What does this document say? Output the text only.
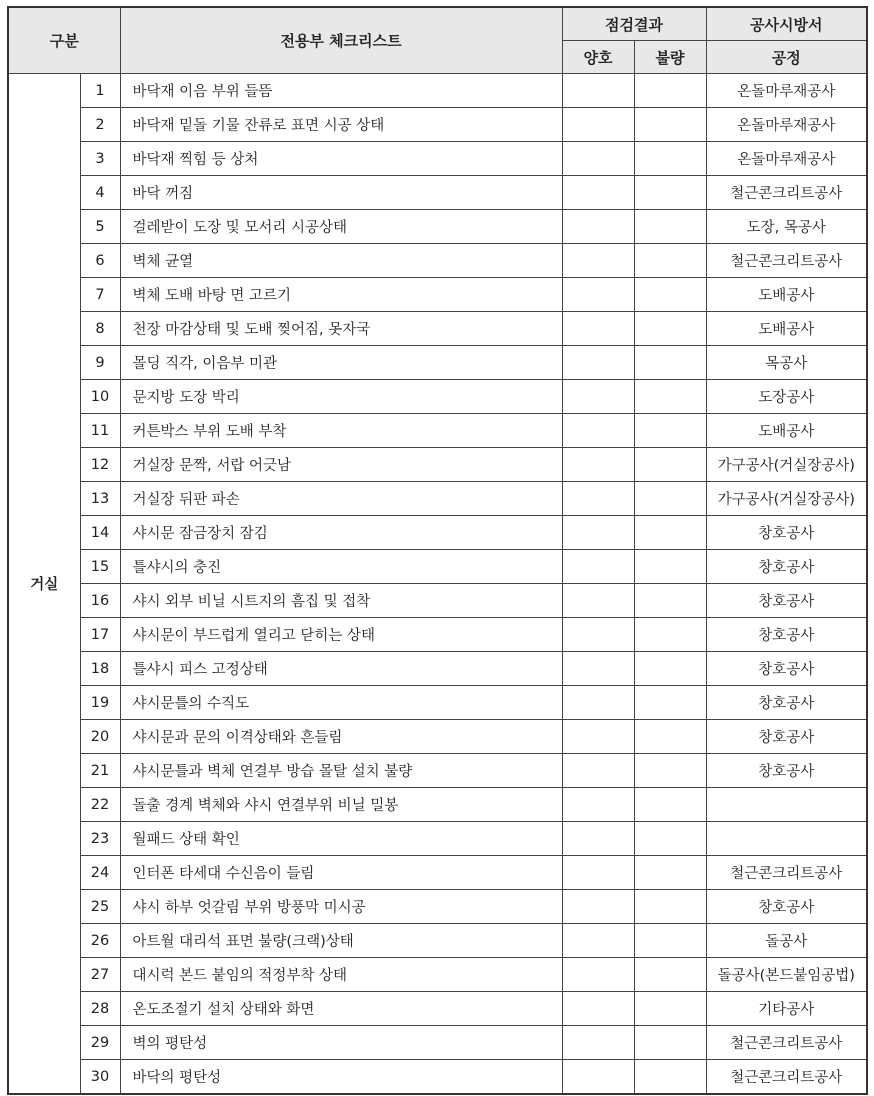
구분		전용부 체크리스트	점검결과		공사시방서
			양호	불량	공정
거실	1	바닥재 이음 부위 들뜸			온돌마루재공사
	2	바닥재 밑돌 기물 잔류로 표면 시공 상태			온돌마루재공사
	3	바닥재 찍힘 등 상처			온돌마루재공사
	4	바닥 꺼짐			철근콘크리트공사
	5	걸레받이 도장 및 모서리 시공상태			도장, 목공사
	6	벽체 균열			철근콘크리트공사
	7	벽체 도배 바탕 면 고르기			도배공사
	8	천장 마감상태 및 도배 찢어짐, 못자국			도배공사
	9	몰딩 직각, 이음부 미관			목공사
	10	문지방 도장 박리			도장공사
	11	커튼박스 부위 도배 부착			도배공사
	12	거실장 문짝, 서랍 어긋남			가구공사(거실장공사)
	13	거실장 뒤판 파손			가구공사(거실장공사)
	14	샤시문 잠금장치 잠김			창호공사
	15	틀샤시의 충진			창호공사
	16	샤시 외부 비닐 시트지의 흠집 및 접착			창호공사
	17	샤시문이 부드럽게 열리고 닫히는 상태			창호공사
	18	틀샤시 피스 고정상태			창호공사
	19	샤시문틀의 수직도			창호공사
	20	샤시문과 문의 이격상태와 흔들림			창호공사
	21	샤시문틀과 벽체 연결부 방습 몰탈 설치 불량			창호공사
	22	돌출 경계 벽체와 샤시 연결부위 비닐 밀봉			
	23	월패드 상태 확인			
	24	인터폰 타세대 수신음이 들림			철근콘크리트공사
	25	샤시 하부 엇갈림 부위 방풍막 미시공			창호공사
	26	아트월 대리석 표면 불량(크랙)상태			돌공사
	27	대시럭 본드 붙임의 적정부착 상태			돌공사(본드붙임공법)
	28	온도조절기 설치 상태와 화면			기타공사
	29	벽의 평탄성			철근콘크리트공사
	30	바닥의 평탄성			철근콘크리트공사
